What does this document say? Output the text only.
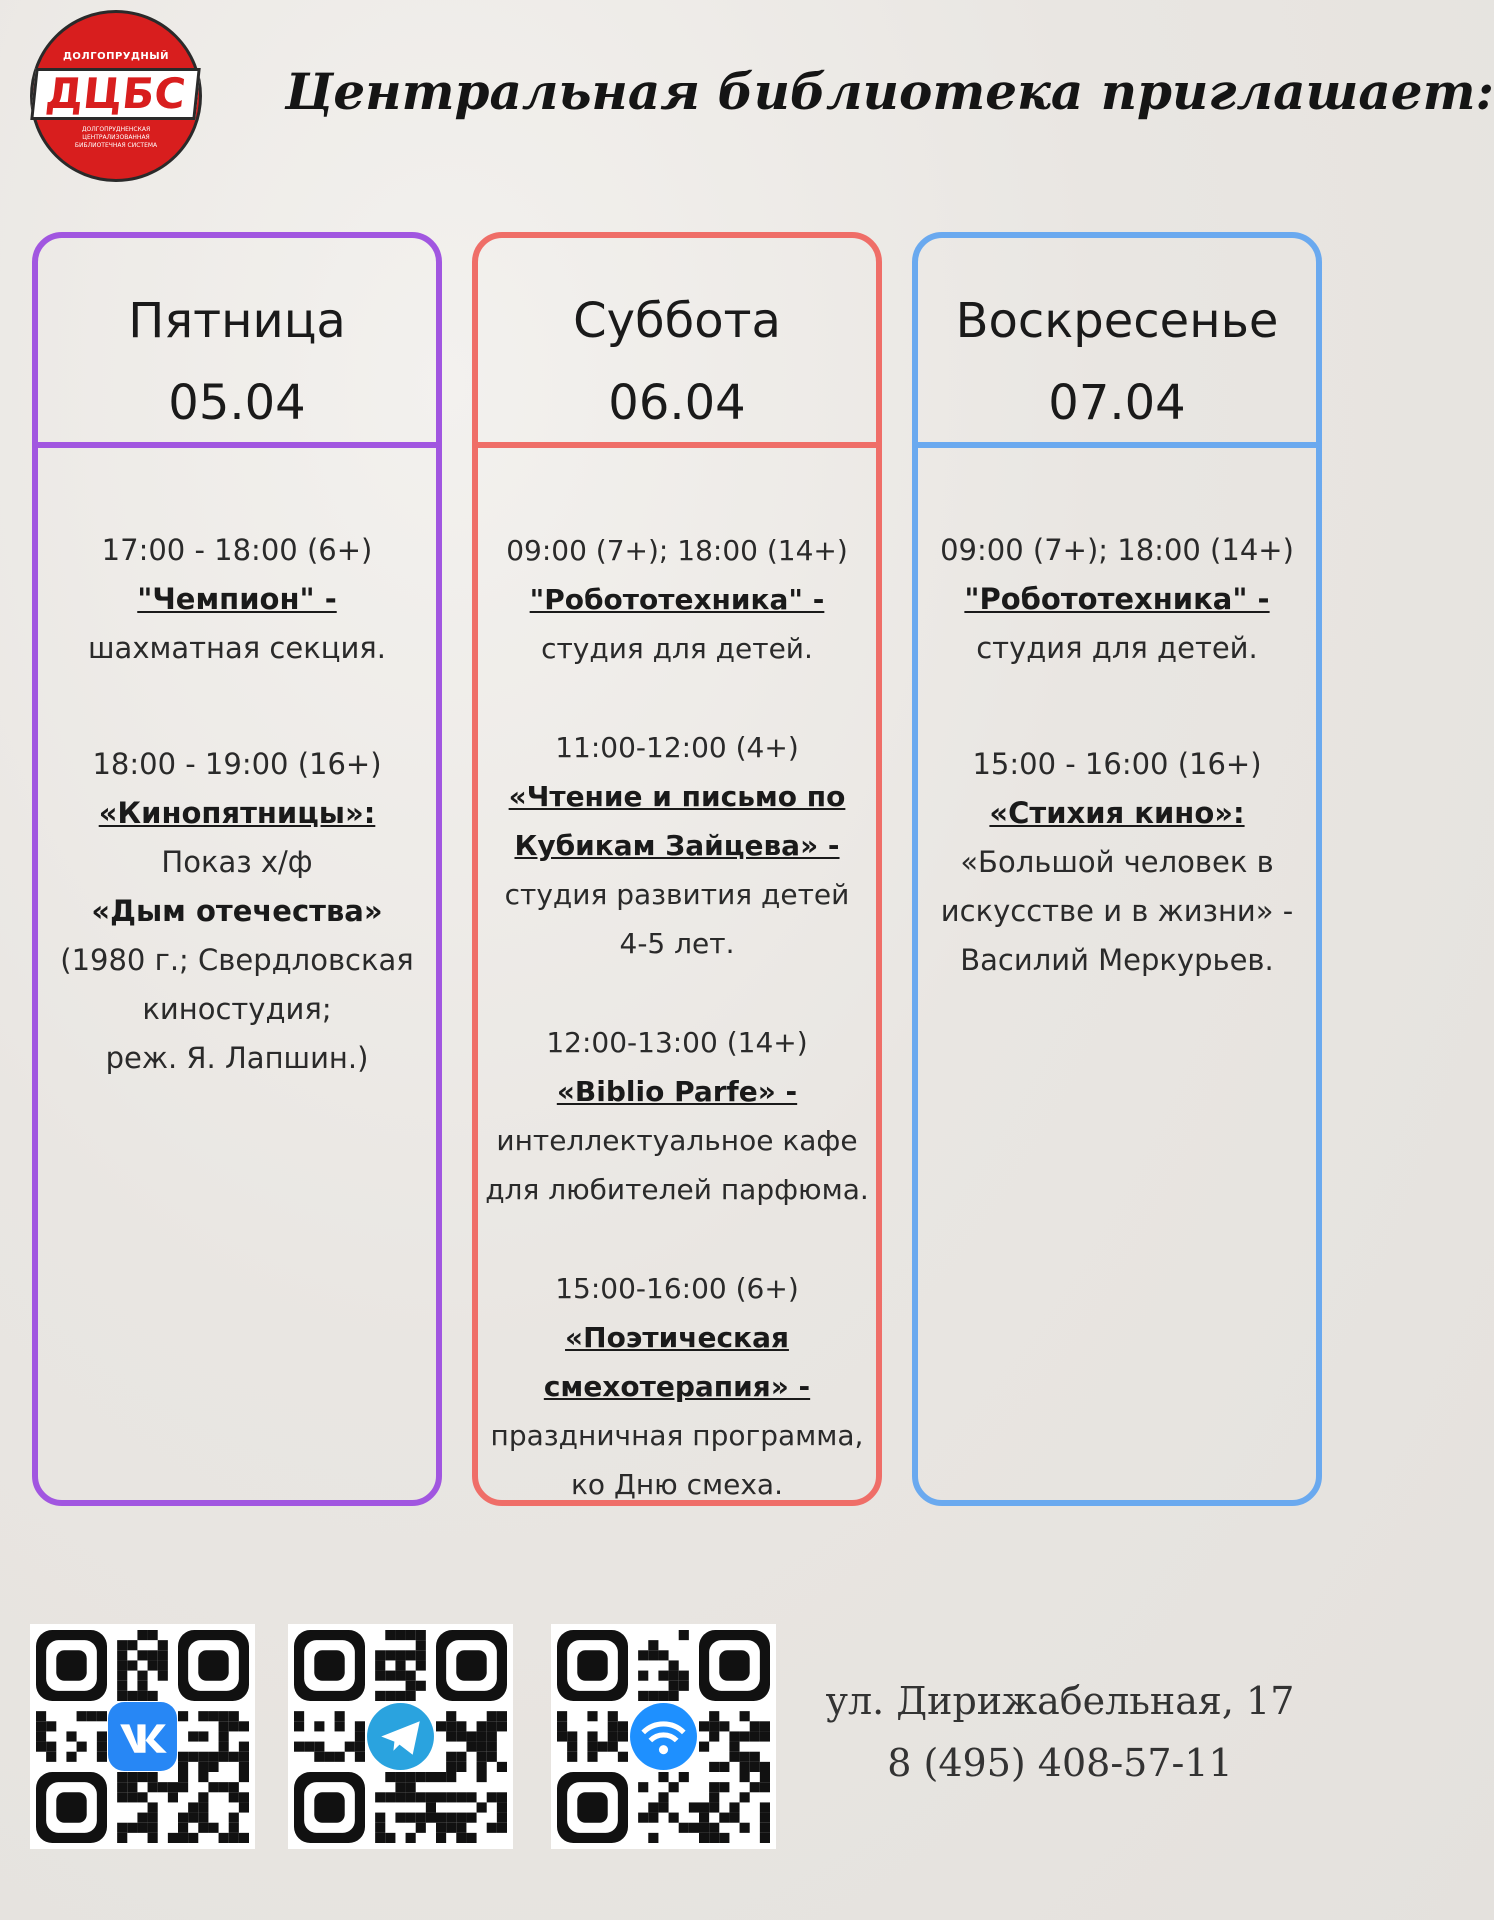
ДОЛГОПРУДНЫЙ
ДЦБС
ДОЛГОПРУДНЕНСКАЯ ЦЕНТРАЛИЗОВАННАЯ БИБЛИОТЕЧНАЯ СИСТЕМА
Центральная библиотека приглашает:
Пятница
05.04
17:00 - 18:00 (6+)
"Чемпион" -
шахматная секция.
18:00 - 19:00 (16+)
«Кинопятницы»:
Показ х/ф
«Дым отечества»
(1980 г.; Свердловская
киностудия;
реж. Я. Лапшин.)
Суббота
06.04
09:00 (7+); 18:00 (14+)
"Робототехника" -
студия для детей.
11:00-12:00 (4+)
«Чтение и письмо по
Кубикам Зайцева» -
студия развития детей
4-5 лет.
12:00-13:00 (14+)
«Biblio Parfe» -
интеллектуальное кафе
для любителей парфюма.
15:00-16:00 (6+)
«Поэтическая
смехотерапия» -
праздничная программа,
ко Дню смеха.
Воскресенье
07.04
09:00 (7+); 18:00 (14+)
"Робототехника" -
студия для детей.
15:00 - 16:00 (16+)
«Стихия кино»:
«Большой человек в
искусстве и в жизни» -
Василий Меркурьев.
ул. Дирижабельная, 17
8 (495) 408-57-11
